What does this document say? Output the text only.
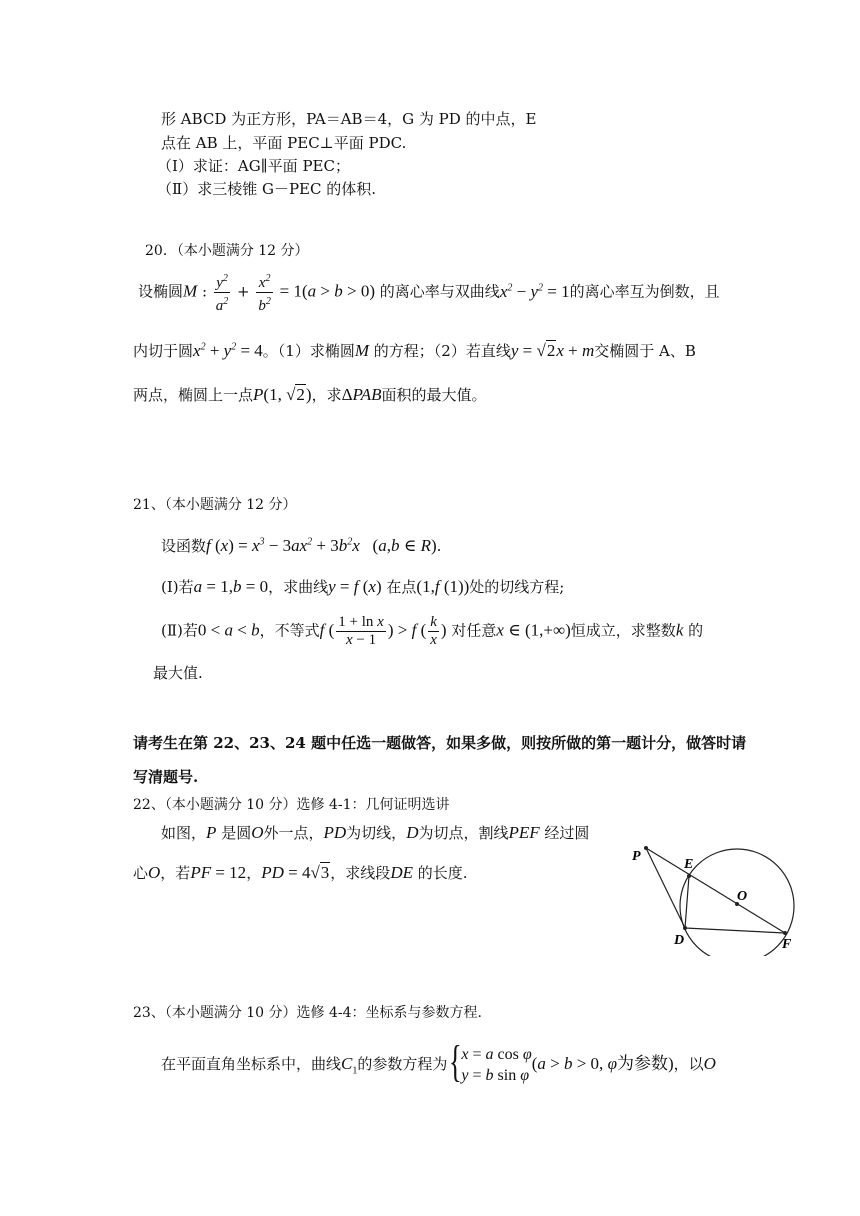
形 ABCD 为正方形，PA＝AB＝4，G 为 PD 的中点，E
点在 AB 上，平面 PEC⊥平面 PDC.
（Ⅰ）求证：AG∥平面 PEC；
（Ⅱ）求三棱锥 G－PEC 的体积.
20．（本小题满分 12 分）
设椭圆M : $\frac{y^2}{a^2} + \frac{x^2}{b^2} = 1(a > b > 0)$ 的离心率与双曲线$x^2 - y^2 = 1$的离心率互为倒数，且
内切于圆$x^2 + y^2 = 4$。（1）求椭圆M 的方程；（2）若直线y = √2x + m交椭圆于 A、B
两点，椭圆上一点P(1, √2)，求ΔPAB面积的最大值。
21、（本小题满分 12 分）
设函数f $(x) = x^3 - 3ax^2 + 3b^2x$   (a,b ∈ R).
(Ⅰ)若a = 1,b = 0，求曲线y = f (x) 在点(1,f (1))处的切线方程;
(Ⅱ)若0 < a < b，不等式f ( $\frac{\text{1 + ln x}}{x - 1}$ ) > f ( $\frac{k}{x}$ ) 对任意x ∈ (1,+∞)恒成立，求整数k 的
最大值.
请考生在第 22、23、24 题中任选一题做答，如果多做，则按所做的第一题计分，做答时请
写清题号.
22、（本小题满分 10 分）选修 4-1：几何证明选讲
如图，P 是圆O外一点，PD为切线，D为切点，割线PEF 经过圆
心O，若PF = 12，PD = 4√3，求线段DE 的长度.
P
E
O
D	F
23、（本小题满分 10 分）选修 4-4：坐标系与参数方程.
在平面直角坐标系中，曲线$C_1$的参数方程为 { x = a cos φ
y = b sin φ
(a > b > 0, φ为参数)，以O
